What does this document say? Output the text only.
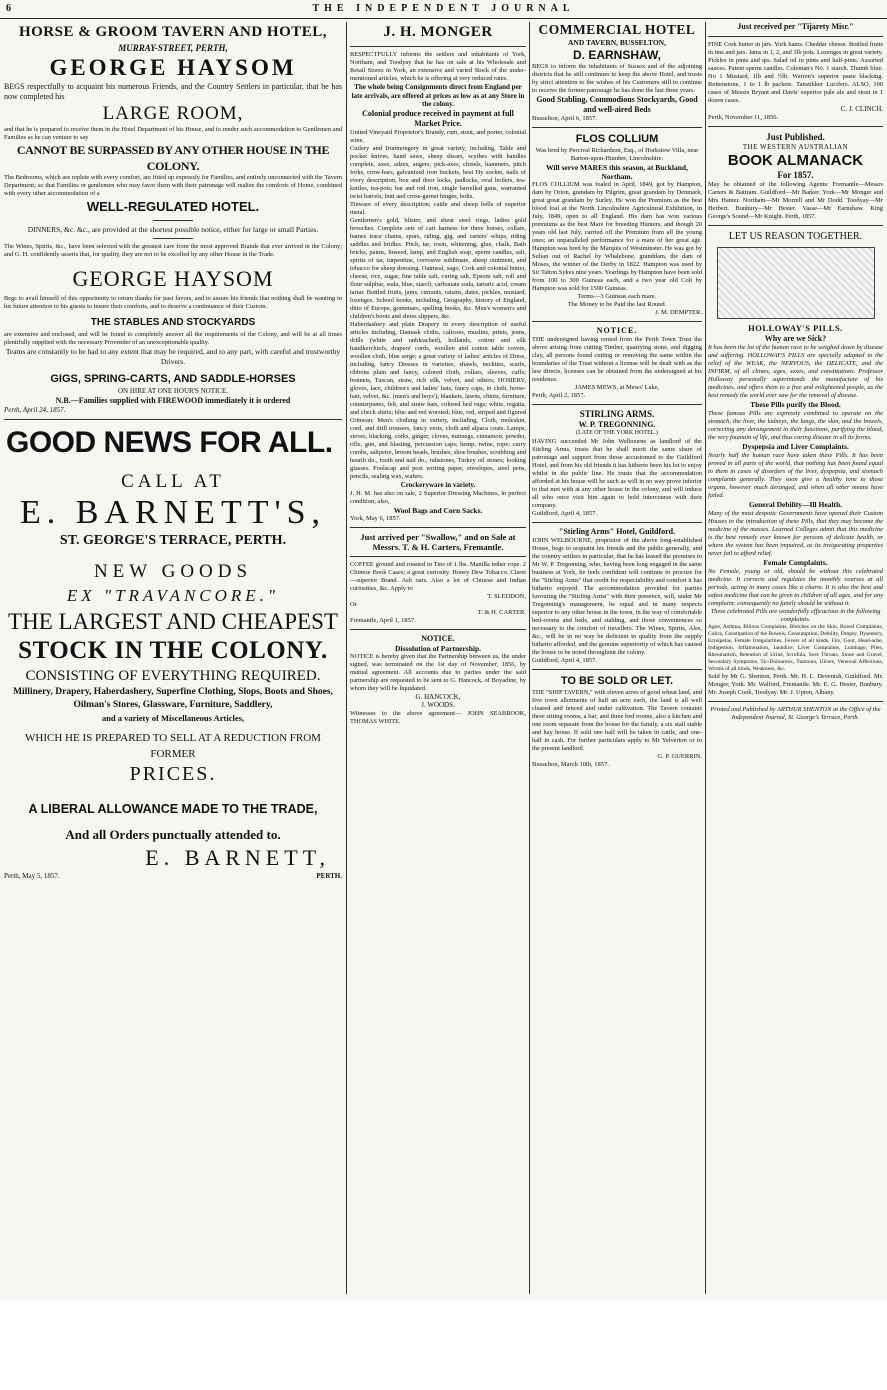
6	THE INDEPENDENT JOURNAL

HORSE & GROOM TAVERN AND HOTEL,

MURRAY-STREET, PERTH,

GEORGE HAYSOM

BEGS respectfully to acquaint his numerous Friends, and the Country Settlers in particular, that he has now completed his

LARGE ROOM,

and that he is prepared to receive them in the Hotel Department of his House, and to render such accommodation to Gentlemen and Families as he can venture to say

CANNOT BE SURPASSED BY ANY OTHER HOUSE IN THE COLONY.

The Bedrooms, which are replete with every comfort, are fitted up expressly for Families, and entirely unconnected with the Tavern Department; so that Families or gentlemen who may favor them with their patronage will realize the comforts of Home, combined with every other accommodation of a

WELL-REGULATED HOTEL.

DINNERS, &c. &c., are provided at the shortest possible notice, either for large or small Parties.

The Wines, Spirits, &c., have been selected with the greatest care from the most approved Brands that ever arrived in the Colony; and G. H. confidently asserts that, for quality, they are not to be excelled by any other House in the Trade.

GEORGE HAYSOM

Begs to avail himself of this opportunity to return thanks for past favors, and to assure his friends that nothing shall be wanting in his future attention to his guests to insure their comforts, and to deserve a continuance of their Custom.

THE STABLES AND STOCKYARDS

are extensive and enclosed, and will be found to completely answer all the requirements of the Colony, and will be at all times plentifully supplied with the necessary Provender of an unexceptionable quality.

Teams are constantly to be had to any extent that may be required, and to any part, with careful and trustworthy Drivers.

GIGS, SPRING-CARTS, AND SADDLE-HORSES

ON HIRE AT ONE HOUR'S NOTICE.

N.B.—Families supplied with FIREWOOD immediately it is ordered

Perth, April 24, 1857.

GOOD NEWS FOR ALL.

CALL AT

E. BARNETT'S,

ST. GEORGE'S TERRACE, PERTH.

NEW GOODS

EX "TRAVANCORE."

THE LARGEST AND CHEAPEST

STOCK IN THE COLONY.

CONSISTING OF EVERYTHING REQUIRED.

Millinery, Drapery, Haberdashery, Superfine Clothing, Slops, Boots and Shoes, Oilman's Stores, Glassware, Furniture, Saddlery,

and a variety of Miscellaneous Articles,

WHICH HE IS PREPARED TO SELL AT A REDUCTION FROM FORMER

PRICES.

A LIBERAL ALLOWANCE MADE TO THE TRADE,

And all Orders punctually attended to.

E. BARNETT,

Perth, May 5, 1857.	PERTH.

J. H. MONGER

RESPECTFULLY informs the settlers and inhabitants of York, Northam, and Toodyay that he has on sale at his Wholesale and Retail Stores in York, an extensive and varied Stock of the under-mentioned articles, which he is offering at very reduced rates.

The whole being Consignments direct from England per late arrivals, are offered at prices as low as at any Store in the colony.

Colonial produce received in payment at full Market Price.

United Vineyard Proprietor's Brandy, rum, stout, and porter, colonial wine,

Cutlery and Ironmongery in great variety, including, Table and pocket knives, hand saws, sheep shears, scythes with handles complete, axes, adzes, augers, pick-axes, chisels, hammers, pitch forks, crow-bars, galvanized iron buckets, best Hy socket, nails of every description, box and door locks, padlocks, oval boilers, tea-kettles, tea-pots; bar and rod iron, single barrelled guns, warranted twist barrels; butt and cross-garnet hinges, bolts.

Tinware of every description; cattle and sheep bells of superior metal.

Gentlemen's gold, blister, and shear steel rings, ladies gold brooches. Complete sets of cart harness for three horses, collars, hames trace chains, spurs, riding, gig, and carters' whips, riding saddles and bridles. Pitch, tar, rosin, whitening, glue, chalk, Bath bricks, paints, linseed, lamp, and English soap, sperm candles, salt, spirits of tar, turpentine, corrosive sublimate, sheep ointment, and tobacco for sheep dressing. Oatmeal, sago, Cork and colonial butter, cheese, rice, sugar, fine table salt, curing salt, Epsom salt, roll and flour sulphur, soda, blue, starch, carbonate soda, tartaric acid, cream tartar. Bottled fruits, jams, currants, raisins, dates, pickles, mustard, lozenges. School books, including, Geography, history of England, ditto of Europe, grammars, spelling books, &c. Men's women's and children's boots and shoes slippers, &c.

Haberdashery and plain Drapery in every description of useful articles including, Damask cloths, calicoes, muslins, prints, jeans, drills (white and unbleached), hollands, cotton and silk handkerchiefs, drapers' cords, woollen and cotton table covers, woollen cloth, blue serge; a great variety of ladies' articles of Dress, including, fancy Dresses in varieties, shawls, neckties, scarfs, ribbons plain and fancy, colored cloth, collars, sleeves, cuffs; bonnets, Tuscan, straw, rich silk, velvet, and others; HOSIERY, gloves, lace, children's and ladies' hats, fancy caps, in cloth, horse-hair, velvet, &c. (men's and boys'); blankets, lawns, chintz, furniture, counterpanes, felt, and straw hats, colored bed rugs; white, regatta, and check shirts; blue and red worsted; blue, red, striped and figured Crimean; Men's clothing in variety, including, Cloth, moleskin, cord, and drill trousers, fancy vests, cloth and alpaca coats. Lamps, sieves, blacking, corks, ginger, cloves, nutmegs, cinnamon; powder, rifle, gun, and blasting, percussion caps; hemp, twine, rope; curry combs, saltpetre, broom heads, brushes, shoe brushes, scrubbing and hearth do., tooth and nail do., rubstones, Turkey oil stones; looking glasses. Foolscap and post writing paper, envelopes, steel pens, pencils, sealing wax, wafers.

Crockeryware in variety.

J. H. M. has also on sale, 2 Superior Dressing Machines, in perfect condition; also,

Wool Bags and Corn Sacks.

York, May 6, 1857.

Just arrived per "Swallow," and on Sale at Messrs. T. & H. Carters, Fremantle.

COFFEE ground and roasted in Tins of 1 lbs. Manilla tether rope. 2 Chinese Book Cases; a great curiosity. Honey Dew Tobacco. Claret—superior Brand. Ash oars. Also a lot of Chinese and Indian curiosities, &c. Apply to

T. SLEDDON,

Or

T. & H. CARTER.

Fremantle, April 1, 1857.

NOTICE.

Dissolution of Partnership.

NOTICE is hereby given that the Partnership between us, the under signed, was terminated on the 1st day of November, 1856, by mutual agreement. All accounts due to parties under the said partnership are requested to be sent to G. Hancock, of Boyadine, by whom they will be liquidated.

G. HANCOCK,

J. WOODS.

Witnesses to the above agreement— JOHN SEABROOK, THOMAS WHITE.

COMMERCIAL HOTEL

AND TAVERN, BUSSELTON,

D. EARNSHAW,

BEGS to inform the inhabitants of Sussex and of the adjoining districts that he still continues to keep the above Hotel, and trusts by strict attention to the wishes of his Customers still to continue to receive the former patronage he has done the last three years.

Good Stabling, Commodious Stockyards, Good and well-aired Beds

Busselton, April 6, 1857.

FLOS COLLIUM

Was bred by Percival Richardson, Esq., of Horkstow Villa, near Barton-upon-Humber, Lincolnshire.

Will serve MARES this season, at Buckland, Northam.

FLOS COLLIUM was foaled in April, 1849, got by Hampton, dam by Orion, grandam by Pilgrim, great grandam by Denmark, great great grandam by Surley. He won the Premium as the best blood foal at the North Lincolnshire Agricultural Exhibition, in July, 1849, open to all England. His dam has won various premiums as the best Mare for breeding Hunters, and though 20 years old last July, carried off the Premium from all the young ones; an unparalleled performance for a mare of her great age. Hampton was bred by the Marquis of Westminster. He was got by Sultan out of Rachel by Whalebone, granddam, the dam of Moses, the winner of the Derby in 1822. Hampton was used by Sir Tatton Sykes nine years. Yearlings by Hampton have been sold from 100 to 300 Guineas each, and a two year old Colt by Hampton was sold for 1500 Guineas.

Terms—3 Guineas each mare.

The Money to be Paid the last Round.

J. M. DEMPTER.

NOTICE.

THE undersigned having rented from the Perth Town Trust the above arising from cutting Timber, quarrying stone, and digging clay, all persons found cutting or removing the same within the boundaries of the Trust without a license will be dealt with as the law directs, licenses can be obtained from the undersigned at his residence.

JAMES MEWS, at Mews' Lake,

Perth, April 2, 1857.

STIRLING ARMS.

W. P. TREGONNING.

(LATE OF THE YORK HOTEL.)

HAVING succeeded Mr John Welbourne as landlord of the Stirling Arms, trusts that he shall merit the same share of patronage and support from those accustomed to the Guildford Hotel, and from his old friends it has hitherto been his lot to enjoy whilst in the public line. He trusts that the accommodation afforded at his house will be such as will in no way prove inferior to that met with at any other house in the colony, and will induce all who once visit him again to hold intercourse with their company.

Guildford, April 4, 1857.

"Stirling Arms" Hotel, Guildford.

JOHN WELBOURNE, proprietor of the above long-established House, begs to acquaint his friends and the public generally, and the country settlers in particular, that he has leased the premises to Mr W. P. Tregonning, who, having been long engaged in the same business at York, he feels confident will continue to procure for the "Stirling Arms" that credit for respectability and comfort it has hitherto enjoyed. The accommodation provided for parties favouring the "Stirling Arms" with their presence, will, under Mr Tregonning's management, be equal and in many respects superior to any other house in the town, in the way of comfortable bed-rooms and beds, and stabling, and those conveniences so necessary to the comfort of travellers. The Wines, Spirits, Ales, &c., will be in no way be deficient in quality from the supply hitherto afforded, and the genuine superiority of which has caused the house to be noted throughout the colony.

Guildford, April 4, 1857.

TO BE SOLD OR LET.

THE "SHIP TAVERN," with eleven acres of good wheat land, and five town allotments of half an acre each, the land is all well cleared and fenced and under cultivation. The Tavern contains three sitting rooms, a bar, and three bed rooms, also a kitchen and one room separate from the house for the family, a six stall stable and hay house. If sold one half will be taken in cattle, and one-half in cash. For further particulars apply to Mr Yelverton or to the present landlord.

G. P. GUERRIN.

Busselton, March 10th, 1857.

Just received per "Tijarety Misr."

FINE Cork butter in jars. York hams. Cheddar cheese. Bottled fruits in tins and jars. Jams in 1, 2, and 3lb pots. Lozenges in great variety. Pickles in pints and qts. Salad oil in pints and half-pints. Assorted sauces. Patent sperm candles. Coleman's No. 1 starch. Thumb blue. No 1 Mustard, 1lb and ½lb. Warren's superior paste blacking. Rottenstone, 1 to 1 lb packets. Tanstikker Lucifers. ALSO, 100 cases of Messrs Bryant and Davis' superior pale ale and stout in 1 dozen cases.

C. J. CLINCH.

Perth, November 11, 1856.

Just Published.

THE WESTERN AUSTRALIAN

BOOK ALMANACK

For 1857.

May be obtained of the following Agents: Fremantle—Messrs Carters & Battram. Guildford—Mr Barker. York—Mr Monger and Mrs Hamer. Northam—Mr Morrell and Mr Dodd. Toodyay—Mr Herbert. Bunbury—Mr Hester. Vasse—Mr Earnshaw. King George's Sound—Mr Knight. Perth, 1857.

LET US REASON TOGETHER.

HOLLOWAY'S PILLS.

Why are we Sick?

It has been the lot of the human race to be weighed down by disease and suffering. HOLLOWAY'S PILLS are specially adapted to the relief of the WEAK, the NERVOUS, the DELICATE, and the INFIRM, of all climes, ages, sexes, and constitutions. Professor Holloway personally superintends the manufacture of his medicines, and offers them to a free and enlightened people, as the best remedy the world ever saw for the removal of disease.

These Pills purify the Blood.

These famous Pills are expressly combined to operate on the stomach, the liver, the kidneys, the lungs, the skin, and the bowels, correcting any derangement in their functions, purifying the blood, the very fountain of life, and thus curing disease in all its forms.

Dyspepsia and Liver Complaints.

Nearly half the human race have taken these Pills. It has been proved in all parts of the world, that nothing has been found equal to them in cases of disorders of the liver, dyspepsia, and stomach complaints generally. They soon give a healthy tone to those organs, however much deranged, and when all other means have failed.

General Debility—Ill Health.

Many of the most despotic Governments have opened their Custom Houses to the introduction of these Pills, that they may become the medicine of the masses. Learned Colleges admit that this medicine is the best remedy ever known for persons of delicate health, or where the system has been impaired, as its invigorating properties never fail to afford relief.

Female Complaints.

No Female, young or old, should be without this celebrated medicine. It corrects and regulates the monthly courses at all periods, acting in many cases like a charm. It is also the best and safest medicine that can be given to children of all ages, and for any complaint; consequently no family should be without it.

These celebrated Pills are wonderfully efficacious in the following complaints.

Ague, Asthma, Bilious Complaints, Blotches on the Skin, Bowel Complaints, Colics, Constipation of the Bowels, Consumption, Debility, Dropsy, Dysentery, Erysipelas, Female Irregularities, Fevers of all kinds, Fits, Gout, Head-ache, Indigestion, Inflammation, Jaundice, Liver Complaints, Lumbago, Piles, Rheumatism, Retention of Urine, Scrofula, Sore Throats, Stone and Gravel, Secondary Symptoms, Tic-Doloureux, Tumours, Ulcers, Venereal Affections, Worms of all kinds, Weakness, &c.

Sold by Mr G. Shenton, Perth. Mr. H. L. Devenish, Guildford. Mr. Monger, York. Mr. Walford, Fremantle. Mr. E. G. Hester, Bunbury. Mr. Joseph Cook, Toodyay. Mr. J. Upton, Albany.

Printed and Published by ARTHUR SHENTON at the Office of the Independent Journal, St. George's Terrace, Perth.
